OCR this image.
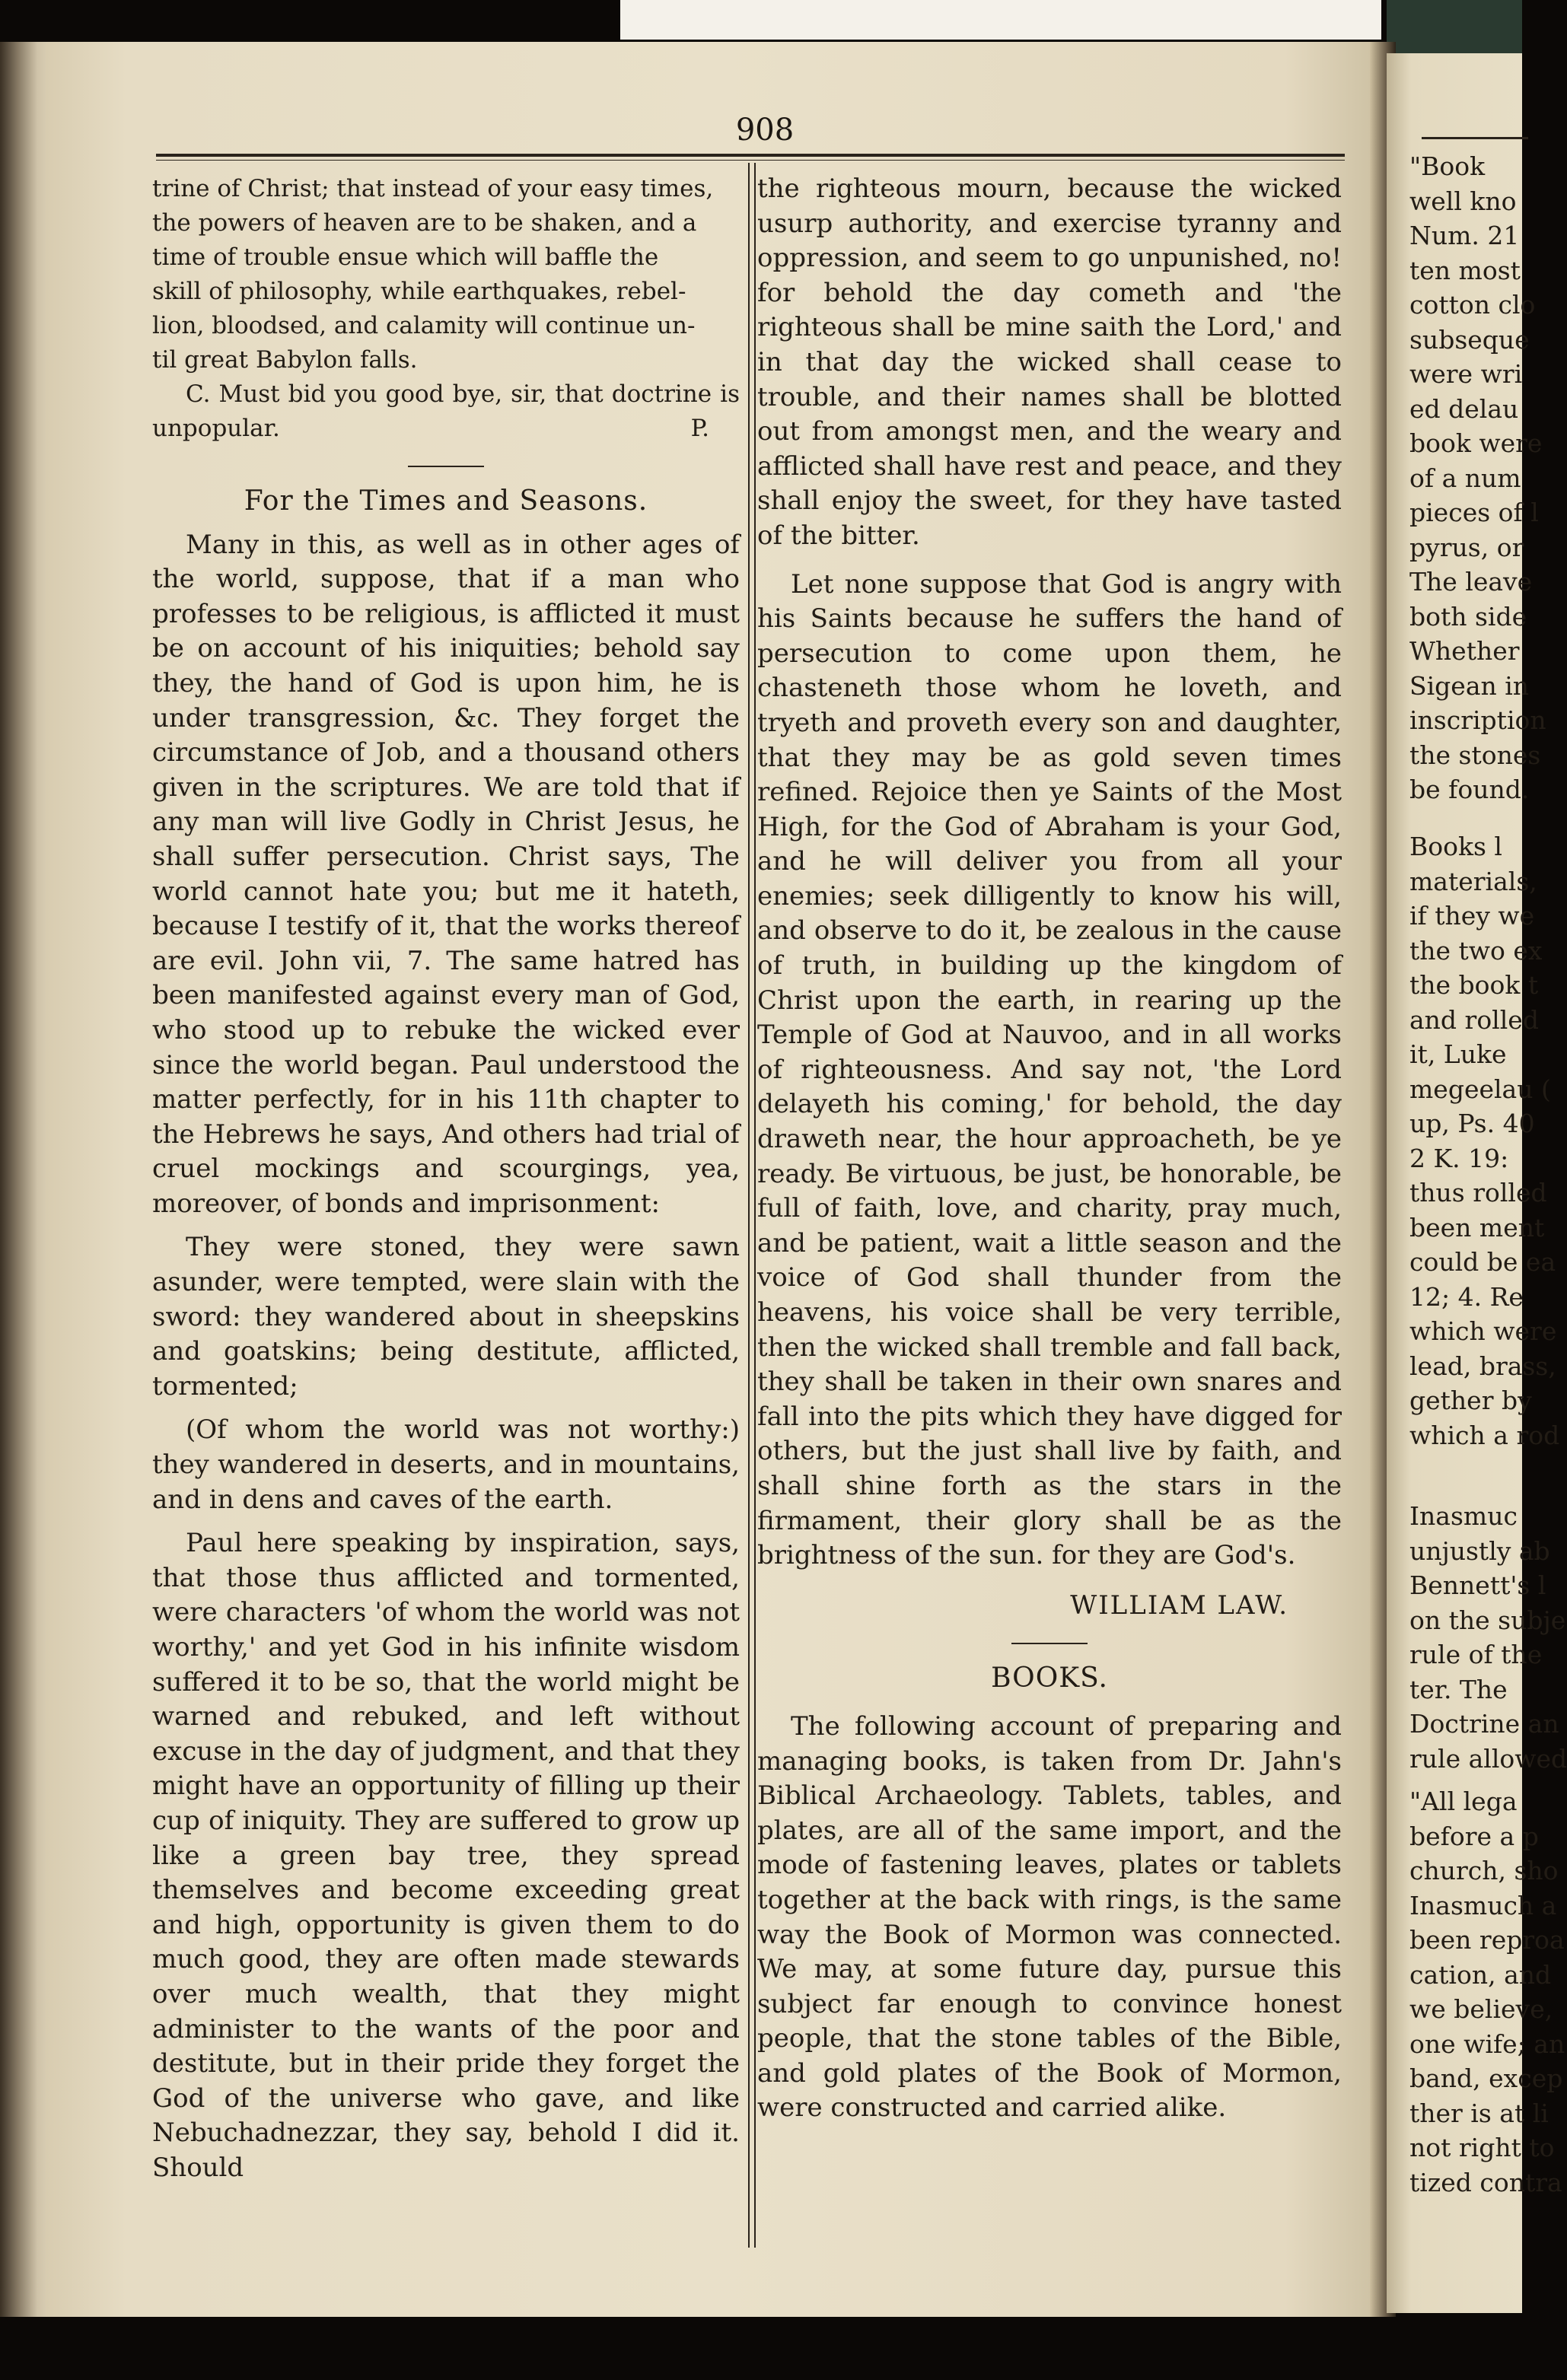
908

trine of Christ; that instead of your easy times,

the powers of heaven are to be shaken, and a

time of trouble ensue which will baffle the

skill of philosophy, while earthquakes, rebel-

lion, bloodsed, and calamity will continue un-

til great Babylon falls.

C. Must bid you good bye, sir, that doctrine is unpopular.	P.

For the Times and Seasons.

Many in this, as well as in other ages of the world, suppose, that if a man who professes to be religious, is afflicted it must be on account of his iniquities; behold say they, the hand of God is upon him, he is under transgression, &c. They forget the circumstance of Job, and a thousand others given in the scriptures. We are told that if any man will live Godly in Christ Jesus, he shall suffer persecution. Christ says, The world cannot hate you; but me it hateth, because I testify of it, that the works thereof are evil. John vii, 7. The same hatred has been manifested against every man of God, who stood up to rebuke the wicked ever since the world began. Paul understood the matter perfectly, for in his 11th chapter to the Hebrews he says, And others had trial of cruel mockings and scourgings, yea, moreover, of bonds and imprisonment:

They were stoned, they were sawn asunder, were tempted, were slain with the sword: they wandered about in sheepskins and goatskins; being destitute, afflicted, tormented;

(Of whom the world was not worthy:) they wandered in deserts, and in mountains, and in dens and caves of the earth.

Paul here speaking by inspiration, says, that those thus afflicted and tormented, were characters 'of whom the world was not worthy,' and yet God in his infinite wisdom suffered it to be so, that the world might be warned and rebuked, and left without excuse in the day of judgment, and that they might have an opportunity of filling up their cup of iniquity. They are suffered to grow up like a green bay tree, they spread themselves and become exceeding great and high, opportunity is given them to do much good, they are often made stewards over much wealth, that they might administer to the wants of the poor and destitute, but in their pride they forget the God of the universe who gave, and like Nebuchadnezzar, they say, behold I did it. Should

the righteous mourn, because the wicked usurp authority, and exercise tyranny and oppression, and seem to go unpunished, no! for behold the day cometh and 'the righteous shall be mine saith the Lord,' and in that day the wicked shall cease to trouble, and their names shall be blotted out from amongst men, and the weary and afflicted shall have rest and peace, and they shall enjoy the sweet, for they have tasted of the bitter.

Let none suppose that God is angry with his Saints because he suffers the hand of persecution to come upon them, he chasteneth those whom he loveth, and tryeth and proveth every son and daughter, that they may be as gold seven times refined. Rejoice then ye Saints of the Most High, for the God of Abraham is your God, and he will deliver you from all your enemies; seek dilligently to know his will, and observe to do it, be zealous in the cause of truth, in building up the kingdom of Christ upon the earth, in rearing up the Temple of God at Nauvoo, and in all works of righteousness. And say not, 'the Lord delayeth his coming,' for behold, the day draweth near, the hour approacheth, be ye ready. Be virtuous, be just, be honorable, be full of faith, love, and charity, pray much, and be patient, wait a little season and the voice of God shall thunder from the heavens, his voice shall be very terrible, then the wicked shall tremble and fall back, they shall be taken in their own snares and fall into the pits which they have digged for others, but the just shall live by faith, and shall shine forth as the stars in the firmament, their glory shall be as the brightness of the sun. for they are God's.

WILLIAM LAW.

BOOKS.

The following account of preparing and managing books, is taken from Dr. Jahn's Biblical Archaeology. Tablets, tables, and plates, are all of the same import, and the mode of fastening leaves, plates or tablets together at the back with rings, is the same way the Book of Mormon was connected. We may, at some future day, pursue this subject far enough to convince honest people, that the stone tables of the Bible, and gold plates of the Book of Mormon, were constructed and carried alike.

"Book
well kno
Num. 21
ten most
cotton clo
subseque
were wri
ed delau
book were
of a num
pieces of l
pyrus, or
The leave
both side
Whether
Sigean in
inscription
the stones
be found.
Books l
materials,
if they we
the two ex
the book t
and rolled
it, Luke
megeelau (
up, Ps. 40
2 K. 19:
thus rolled
been ment
could be ea
12; 4. Re
which were
lead, brass,
gether by
which a rod
Inasmuc
unjustly ab
Bennett's l
on the subje
rule of the
ter. The
Doctrine an
rule allowed
"All lega
before a p
church, sho
Inasmuch a
been reproa
cation, and
we believe,
one wife; an
band, excep
ther is at li
not right to
tized contra
